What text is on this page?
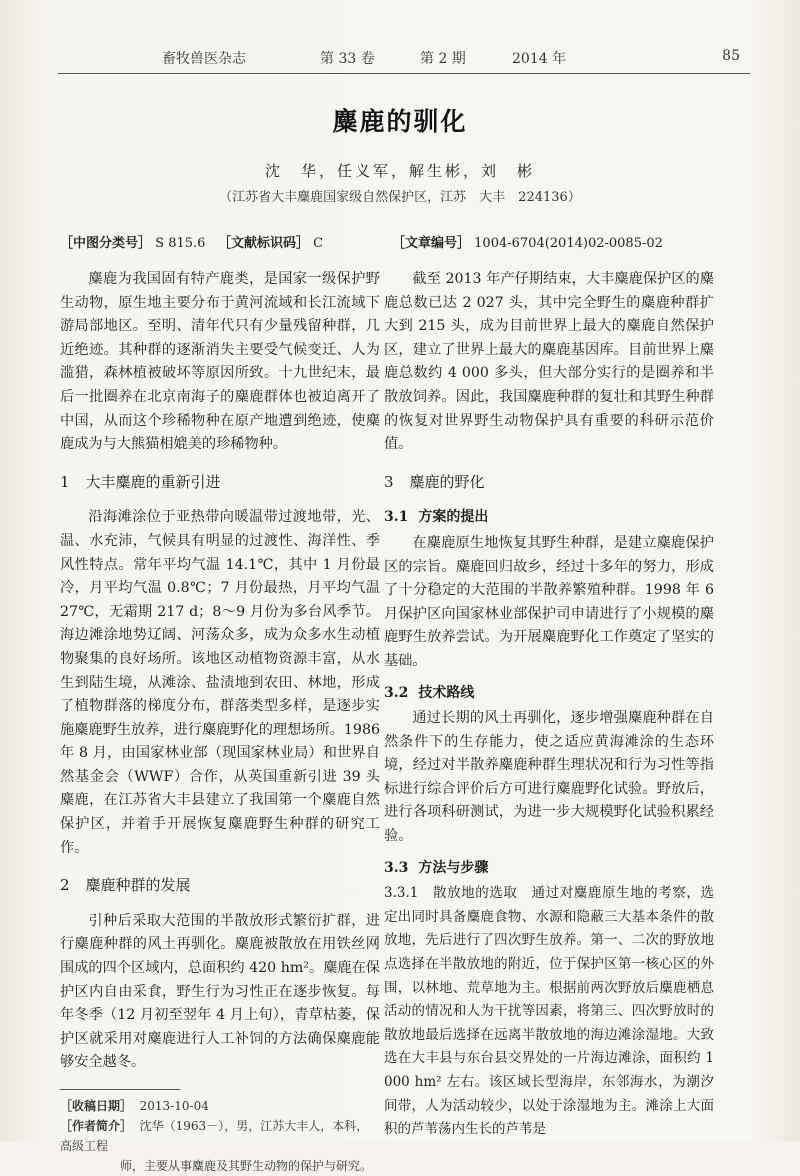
畜牧兽医杂志	第 33 卷	第 2 期	2014 年	85
麋鹿的驯化
沈　华，任义军，解生彬，刘　彬
（江苏省大丰麋鹿国家级自然保护区，江苏　大丰　224136）
［中图分类号］ S 815.6 ［文献标识码］ C	［文章编号］ 1004-6704(2014)02-0085-02

麋鹿为我国固有特产鹿类，是国家一级保护野生动物，原生地主要分布于黄河流域和长江流域下游局部地区。至明、清年代只有少量残留种群，几近绝迹。其种群的逐渐消失主要受气候变迁、人为滥猎，森林植被破坏等原因所致。十九世纪末，最后一批圈养在北京南海子的麋鹿群体也被迫离开了中国，从而这个珍稀物种在原产地遭到绝迹，使麋鹿成为与大熊猫相媲美的珍稀物种。

1 大丰麋鹿的重新引进

沿海滩涂位于亚热带向暖温带过渡地带，光、温、水充沛，气候具有明显的过渡性、海洋性、季风性特点。常年平均气温 14.1℃，其中 1 月份最冷，月平均气温 0.8℃；7 月份最热，月平均气温 27℃，无霜期 217 d；8～9 月份为多台风季节。海边滩涂地势辽阔、河荡众多，成为众多水生动植物聚集的良好场所。该地区动植物资源丰富，从水生到陆生境，从滩涂、盐渍地到农田、林地，形成了植物群落的梯度分布，群落类型多样，是逐步实施麋鹿野生放养，进行麋鹿野化的理想场所。1986 年 8 月，由国家林业部（现国家林业局）和世界自然基金会（WWF）合作，从英国重新引进 39 头麋鹿，在江苏省大丰县建立了我国第一个麋鹿自然保护区，并着手开展恢复麋鹿野生种群的研究工作。

2 麋鹿种群的发展

引种后采取大范围的半散放形式繁衍扩群，进行麋鹿种群的风土再驯化。麋鹿被散放在用铁丝网围成的四个区域内，总面积约 420 hm²。麋鹿在保护区内自由采食，野生行为习性正在逐步恢复。每年冬季（12 月初至翌年 4 月上旬），青草枯萎，保护区就采用对麋鹿进行人工补饲的方法确保麋鹿能够安全越冬。

［收稿日期］ 2013-10-04
［作者简介］ 沈华（1963－），男，江苏大丰人，本科，高级工程
师，主要从事麋鹿及其野生动物的保护与研究。

截至 2013 年产仔期结束，大丰麋鹿保护区的麋鹿总数已达 2 027 头，其中完全野生的麋鹿种群扩大到 215 头，成为目前世界上最大的麋鹿自然保护区，建立了世界上最大的麋鹿基因库。目前世界上麋鹿总数约 4 000 多头，但大部分实行的是圈养和半散放饲养。因此，我国麋鹿种群的复壮和其野生种群的恢复对世界野生动物保护具有重要的科研示范价值。

3 麋鹿的野化
3.1 方案的提出

在麋鹿原生地恢复其野生种群，是建立麋鹿保护区的宗旨。麋鹿回归故乡，经过十多年的努力，形成了十分稳定的大范围的半散养繁殖种群。1998 年 6 月保护区向国家林业部保护司申请进行了小规模的麋鹿野生放养尝试。为开展麋鹿野化工作奠定了坚实的基础。

3.2 技术路线

通过长期的风土再驯化，逐步增强麋鹿种群在自然条件下的生存能力，使之适应黄海滩涂的生态环境，经过对半散养麋鹿种群生理状况和行为习性等指标进行综合评价后方可进行麋鹿野化试验。野放后，进行各项科研测试，为进一步大规模野化试验积累经验。

3.3 方法与步骤

3.3.1　散放地的选取　通过对麋鹿原生地的考察，选定出同时具备麋鹿食物、水源和隐蔽三大基本条件的散放地，先后进行了四次野生放养。第一、二次的野放地点选择在半散放地的附近，位于保护区第一核心区的外围，以林地、荒草地为主。根据前两次野放后麋鹿栖息活动的情况和人为干扰等因素，将第三、四次野放时的散放地最后选择在远离半散放地的海边滩涂湿地。大致选在大丰县与东台县交界处的一片海边滩涂，面积约 1 000 hm² 左右。该区域长型海岸，东邻海水，为潮汐间带，人为活动较少，以处于涂湿地为主。滩涂上大面积的芦苇荡内生长的芦苇是
